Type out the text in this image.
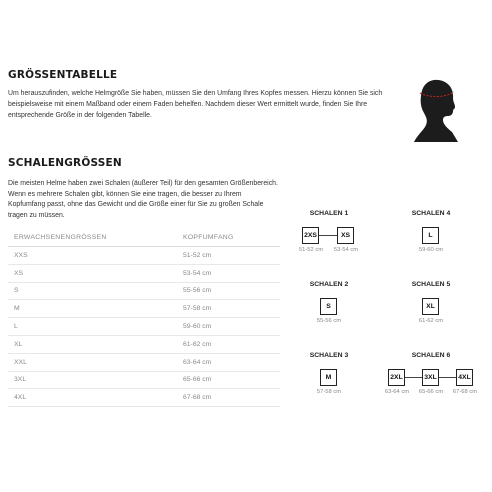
GRÖSSENTABELLE
Um herauszufinden, welche Helmgröße Sie haben, müssen Sie den Umfang Ihres Kopfes messen. Hierzu können Sie sich beispielsweise mit einem Maßband oder einem Faden behelfen. Nachdem dieser Wert ermittelt wurde, finden Sie Ihre entsprechende Größe in der folgenden Tabelle.
SCHALENGRÖSSEN
Die meisten Helme haben zwei Schalen (äußerer Teil) für den gesamten Größenbereich. Wenn es mehrere Schalen gibt, können Sie eine tragen, die besser zu Ihrem Kopfumfang passt, ohne das Gewicht und die Größe einer für Sie zu großen Schale tragen zu müssen.
ERWACHSENENGRÖSSEN	KOPFUMFANG
XXS	51-52 cm
XS	53-54 cm
S	55-56 cm
M	57-58 cm
L	59-60 cm
XL	61-62 cm
XXL	63-64 cm
3XL	65-66 cm
4XL	67-68 cm
SCHALEN 1
2XS	XS
51-52 cm	53-54 cm
SCHALEN 4
L
59-60 cm
SCHALEN 2
S
55-56 cm
SCHALEN 5
XL
61-62 cm
SCHALEN 3
M
57-58 cm
SCHALEN 6
2XL	3XL	4XL
63-64 cm	65-66 cm	67-68 cm
